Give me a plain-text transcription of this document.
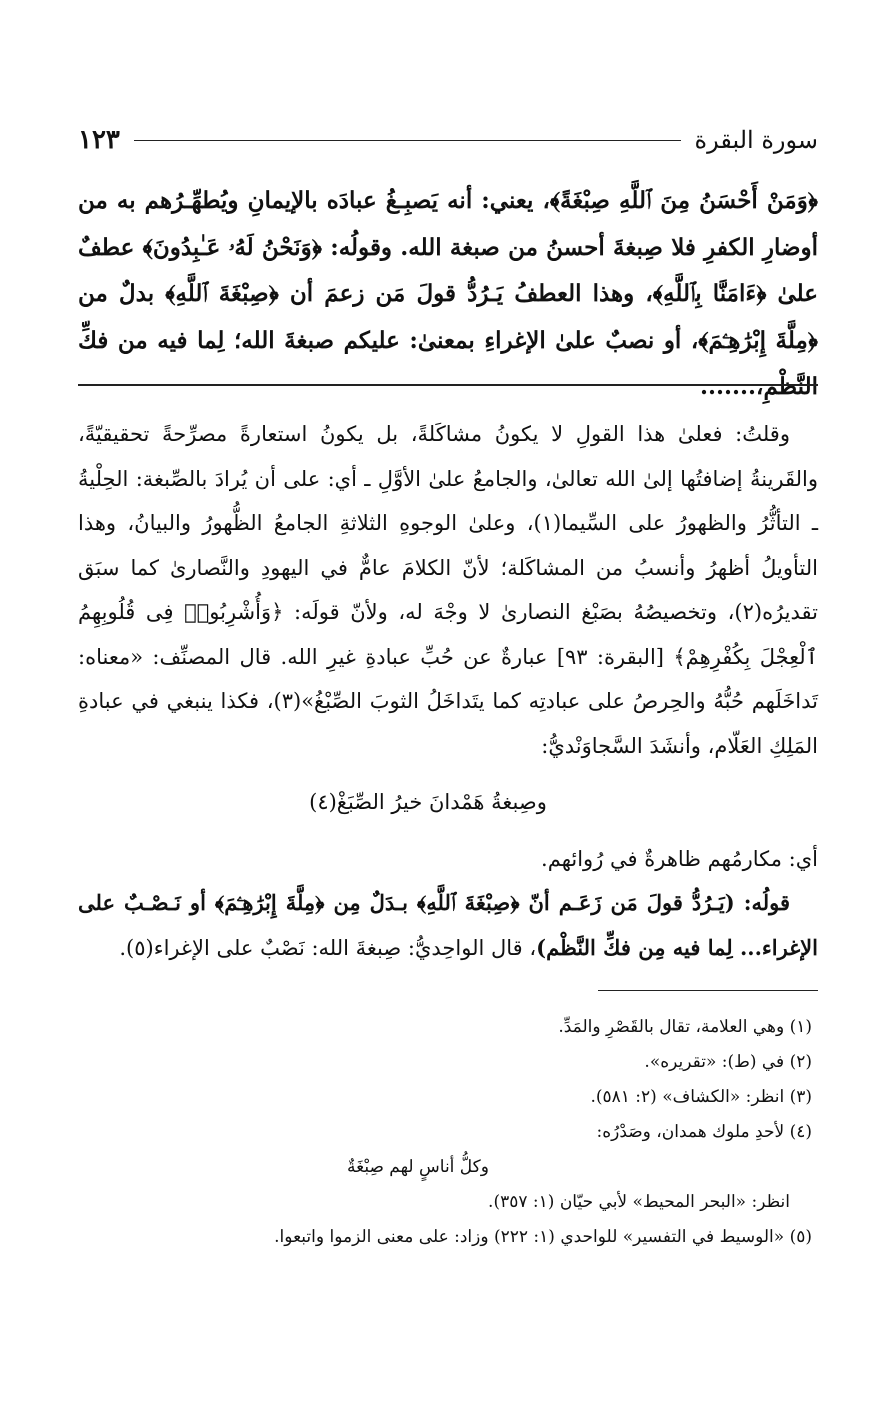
سورة البقرة
١٢٣

﴿وَمَنْ أَحْسَنُ مِنَ ٱللَّهِ صِبْغَةً﴾، يعني: أنه يَصبِـغُ عبادَه بالإيمانِ ويُطهِّـرُهم به من أوضارِ الكفرِ فلا صِبغةَ أحسنُ من صبغة الله. وقولُه: ﴿وَنَحْنُ لَهُۥ عَـٰبِدُونَ﴾ عطفٌ علىٰ ﴿ءَامَنَّا بِٱللَّهِ﴾، وهذا العطفُ يَـرُدُّ قولَ مَن زعمَ أن ﴿صِبْغَةَ ٱللَّهِ﴾ بدلٌ من ﴿مِلَّةَ إِبْرَٰهِـۧمَ﴾، أو نصبٌ علىٰ الإغراءِ بمعنىٰ: عليكم صبغةَ الله؛ لِما فيه من فكِّ النَّظْمِ،.......

وقلتُ: فعلىٰ هذا القولِ لا يكونُ مشاكَلةً، بل يكونُ استعارةً مصرِّحةً تحقيقيّةً، والقَرينةُ إضافتُها إلىٰ الله تعالىٰ، والجامعُ علىٰ الأوَّلِ ـ أي: على أن يُرادَ بالصِّبغة: الحِلْيةُ ـ التأثُّرُ والظهورُ على السِّيما(١)، وعلىٰ الوجوهِ الثلاثةِ الجامعُ الظُّهورُ والبيانُ، وهذا التأويلُ أظهرُ وأنسبُ من المشاكَلة؛ لأنّ الكلامَ عامٌّ في اليهودِ والنَّصارىٰ كما سبَق تقديرُه(٢)، وتخصيصُهُ بصَبْغ النصارىٰ لا وجْهَ له، ولأنّ قولَه: ﴿وَأُشْرِبُوا۟ فِى قُلُوبِهِمُ ٱلْعِجْلَ بِكُفْرِهِمْ﴾ [البقرة: ٩٣] عبارةٌ عن حُبِّ عبادةِ غيرِ الله. قال المصنِّف: «معناه: تَداخَلَهم حُبُّهُ والحِرصُ على عبادتِه كما يتَداخَلُ الثوبَ الصِّبْغُ»(٣)، فكذا ينبغي في عبادةِ المَلِكِ العَلّام، وأنشَدَ السَّجاوَنْديُّ:

وصِبغةُ هَمْدانَ خيرُ الصِّبَغْ(٤)

أي: مكارمُهم ظاهرةٌ في رُوائهم.

قولُه: (يَـرُدُّ قولَ مَن زَعَـم أنّ ﴿صِبْغَةَ ٱللَّهِ﴾ بـدَلٌ مِن ﴿مِلَّةَ إِبْرَٰهِـۧمَ﴾ أو نَـصْـبٌ على الإغراء... لِما فيه مِن فكِّ النَّظْم)، قال الواحِديُّ: صِبغةَ الله: نَصْبٌ على الإغراء(٥).

(١) وهي العلامة، تقال بالقَصْرِ والمَدِّ.

(٢) في (ط): «تقريره».

(٣) انظر: «الكشاف» (٢: ٥٨١).

(٤) لأحدِ ملوك همدان، وصَدْرُه:

وكلُّ أناسٍ لهم صِبْغَةٌ

انظر: «البحر المحيط» لأبي حيّان (١: ٣٥٧).

(٥) «الوسيط في التفسير» للواحدي (١: ٢٢٢) وزاد: على معنى الزموا واتبعوا.
